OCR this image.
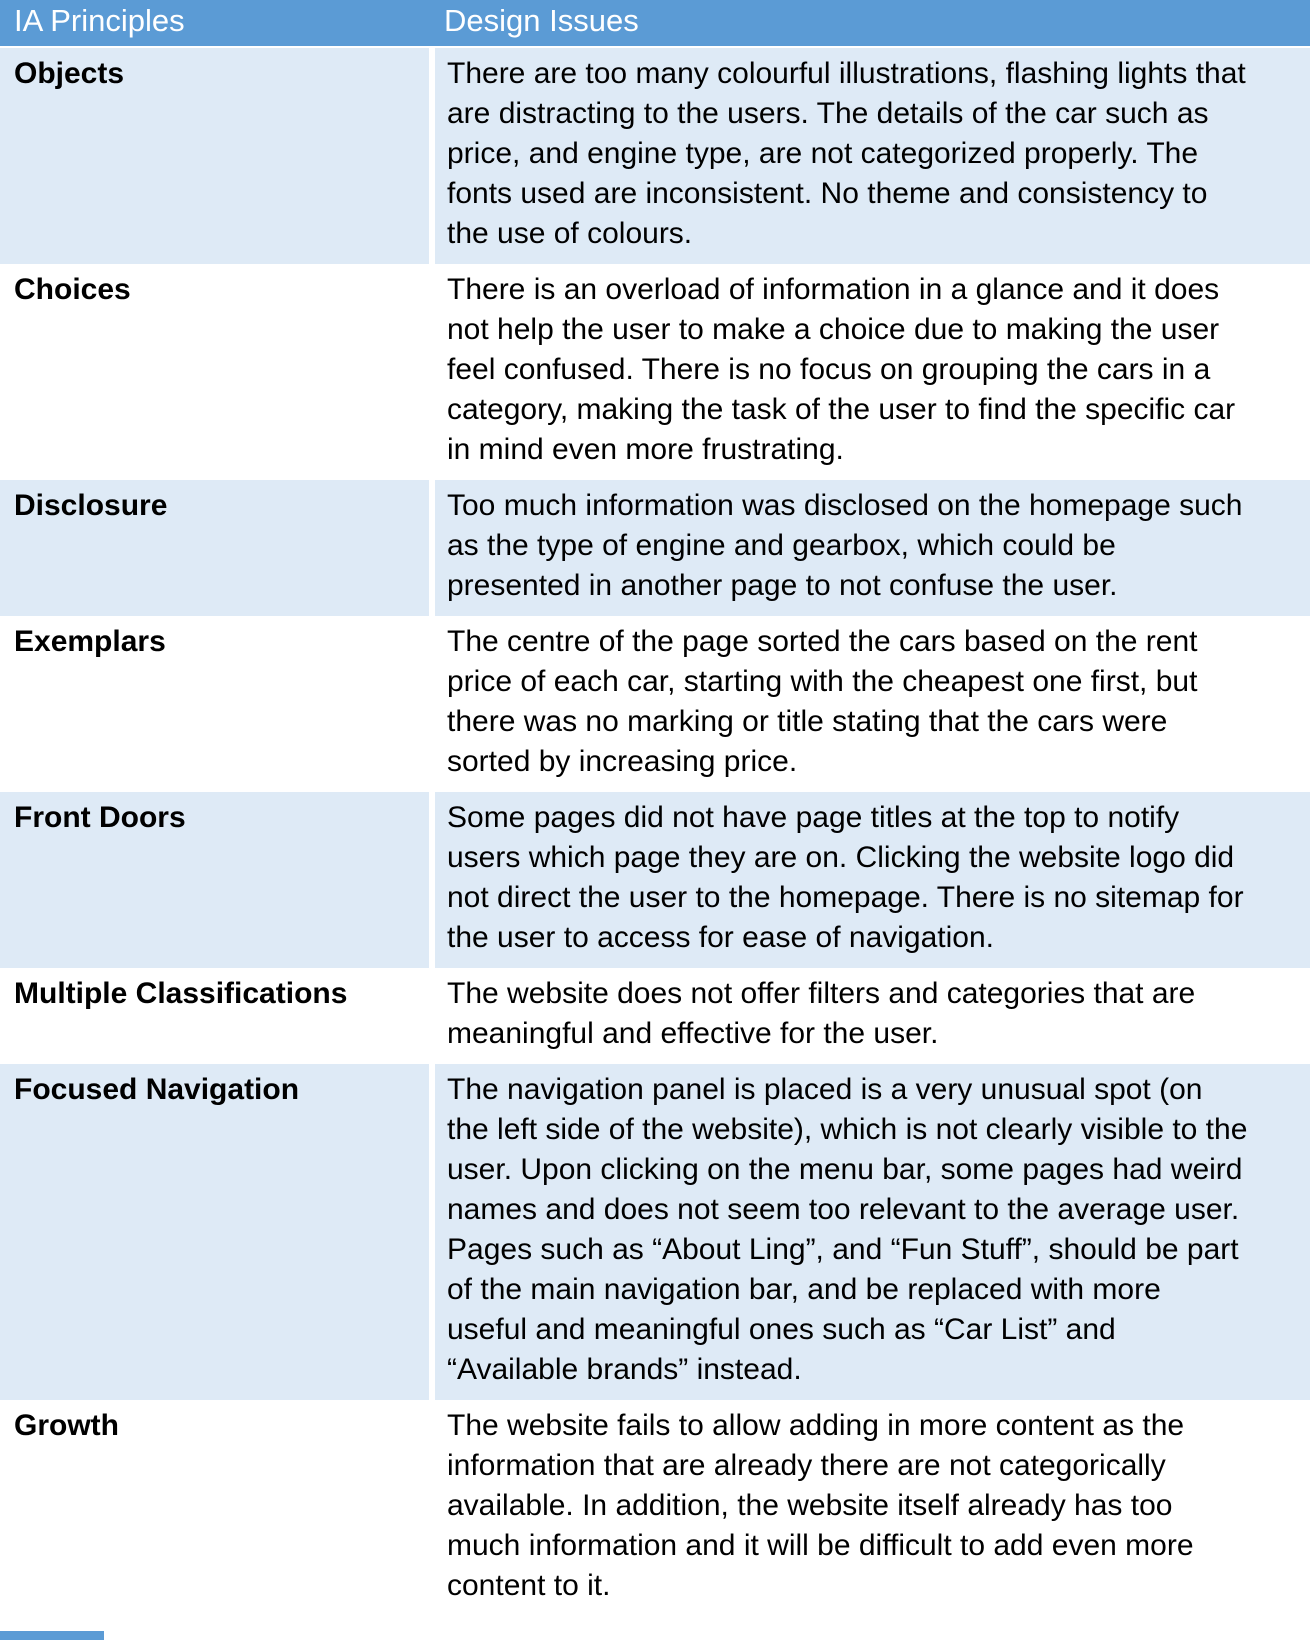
IA Principles	Design Issues
Objects	There are too many colourful illustrations, flashing lights that are distracting to the users. The details of the car such as price, and engine type, are not categorized properly. The fonts used are inconsistent. No theme and consistency to the use of colours.
Choices	There is an overload of information in a glance and it does not help the user to make a choice due to making the user feel confused. There is no focus on grouping the cars in a category, making the task of the user to find the specific car in mind even more frustrating.
Disclosure	Too much information was disclosed on the homepage such as the type of engine and gearbox, which could be presented in another page to not confuse the user.
Exemplars	The centre of the page sorted the cars based on the rent price of each car, starting with the cheapest one first, but there was no marking or title stating that the cars were sorted by increasing price.
Front Doors	Some pages did not have page titles at the top to notify users which page they are on. Clicking the website logo did not direct the user to the homepage. There is no sitemap for the user to access for ease of navigation.
Multiple Classifications	The website does not offer filters and categories that are meaningful and effective for the user.
Focused Navigation	The navigation panel is placed is a very unusual spot (on the left side of the website), which is not clearly visible to the user. Upon clicking on the menu bar, some pages had weird names and does not seem too relevant to the average user. Pages such as “About Ling”, and “Fun Stuff”, should be part of the main navigation bar, and be replaced with more useful and meaningful ones such as “Car List” and “Available brands” instead.
Growth	The website fails to allow adding in more content as the information that are already there are not categorically available. In addition, the website itself already has too much information and it will be difficult to add even more content to it.
